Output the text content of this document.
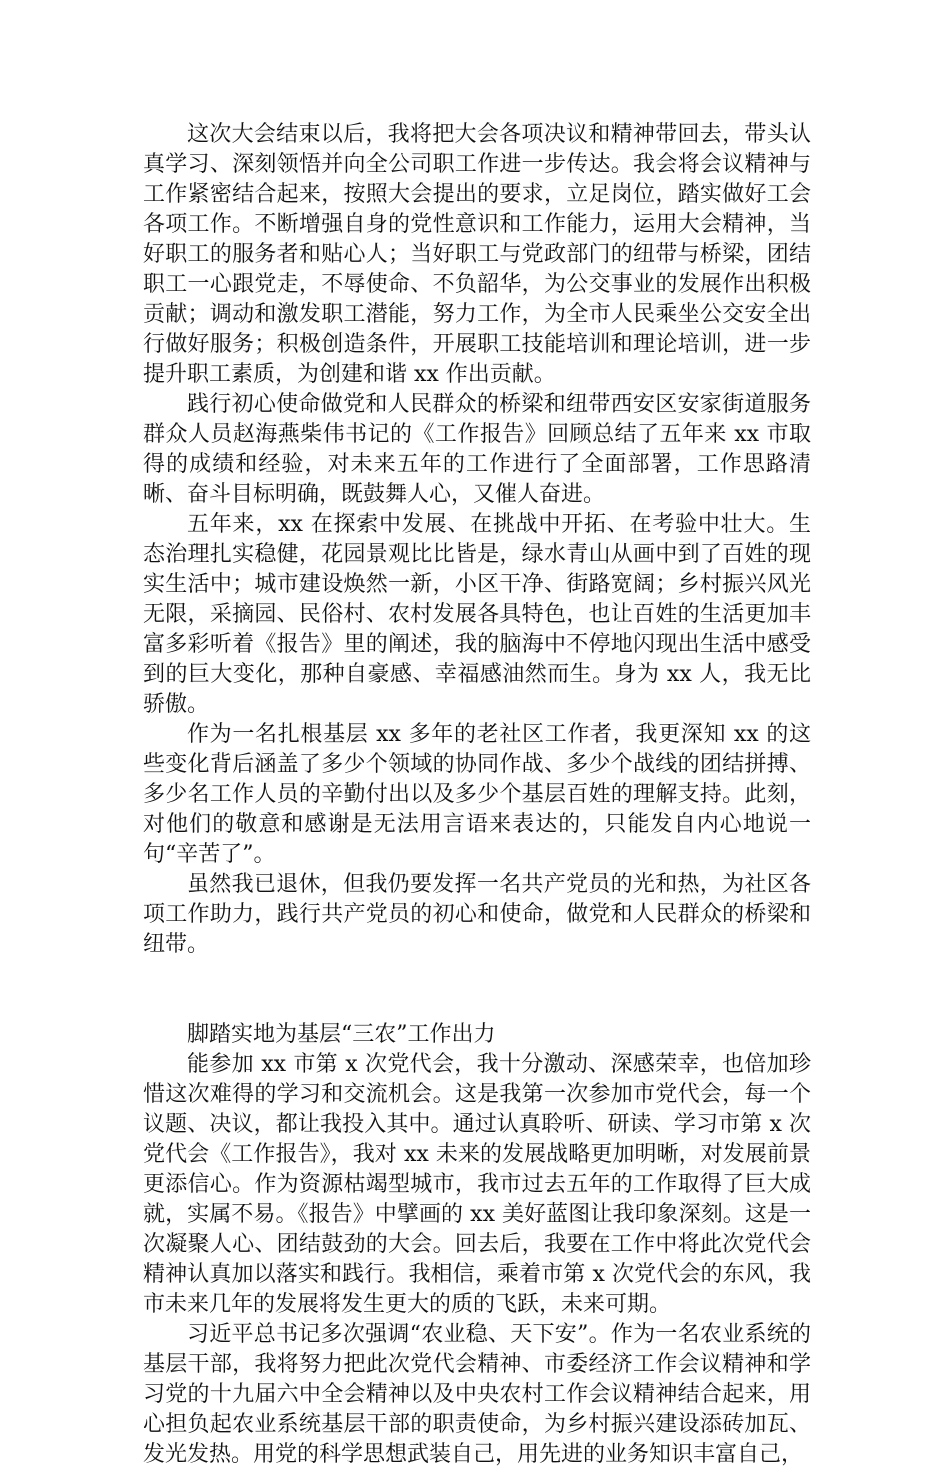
这次大会结束以后，我将把大会各项决议和精神带回去，带头认真学习、深刻领悟并向全公司职工作进一步传达。我会将会议精神与工作紧密结合起来，按照大会提出的要求，立足岗位，踏实做好工会各项工作。不断增强自身的党性意识和工作能力，运用大会精神，当好职工的服务者和贴心人；当好职工与党政部门的纽带与桥梁，团结职工一心跟党走，不辱使命、不负韶华，为公交事业的发展作出积极贡献；调动和激发职工潜能，努力工作，为全市人民乘坐公交安全出行做好服务；积极创造条件，开展职工技能培训和理论培训，进一步提升职工素质，为创建和谐 xx 作出贡献。

践行初心使命做党和人民群众的桥梁和纽带西安区安家街道服务群众人员赵海燕柴伟书记的《工作报告》回顾总结了五年来 xx 市取得的成绩和经验，对未来五年的工作进行了全面部署，工作思路清晰、奋斗目标明确，既鼓舞人心，又催人奋进。

五年来，xx 在探索中发展、在挑战中开拓、在考验中壮大。生态治理扎实稳健，花园景观比比皆是，绿水青山从画中到了百姓的现实生活中；城市建设焕然一新，小区干净、街路宽阔；乡村振兴风光无限，采摘园、民俗村、农村发展各具特色，也让百姓的生活更加丰富多彩听着《报告》里的阐述，我的脑海中不停地闪现出生活中感受到的巨大变化，那种自豪感、幸福感油然而生。身为 xx 人，我无比骄傲。

作为一名扎根基层 xx 多年的老社区工作者，我更深知 xx 的这些变化背后涵盖了多少个领域的协同作战、多少个战线的团结拼搏、多少名工作人员的辛勤付出以及多少个基层百姓的理解支持。此刻，对他们的敬意和感谢是无法用言语来表达的，只能发自内心地说一句“辛苦了”。

虽然我已退休，但我仍要发挥一名共产党员的光和热，为社区各项工作助力，践行共产党员的初心和使命，做党和人民群众的桥梁和纽带。

脚踏实地为基层“三农”工作出力

能参加 xx 市第 x 次党代会，我十分激动、深感荣幸，也倍加珍惜这次难得的学习和交流机会。这是我第一次参加市党代会，每一个议题、决议，都让我投入其中。通过认真聆听、研读、学习市第 x 次党代会《工作报告》，我对 xx 未来的发展战略更加明晰，对发展前景更添信心。作为资源枯竭型城市，我市过去五年的工作取得了巨大成就，实属不易。《报告》中擘画的 xx 美好蓝图让我印象深刻。这是一次凝聚人心、团结鼓劲的大会。回去后，我要在工作中将此次党代会精神认真加以落实和践行。我相信，乘着市第 x 次党代会的东风，我市未来几年的发展将发生更大的质的飞跃，未来可期。

习近平总书记多次强调“农业稳、天下安”。作为一名农业系统的基层干部，我将努力把此次党代会精神、市委经济工作会议精神和学习党的十九届六中全会精神以及中央农村工作会议精神结合起来，用心担负起农业系统基层干部的职责使命，为乡村振兴建设添砖加瓦、发光发热。用党的科学思想武装自己，用先进的业务知识丰富自己，
